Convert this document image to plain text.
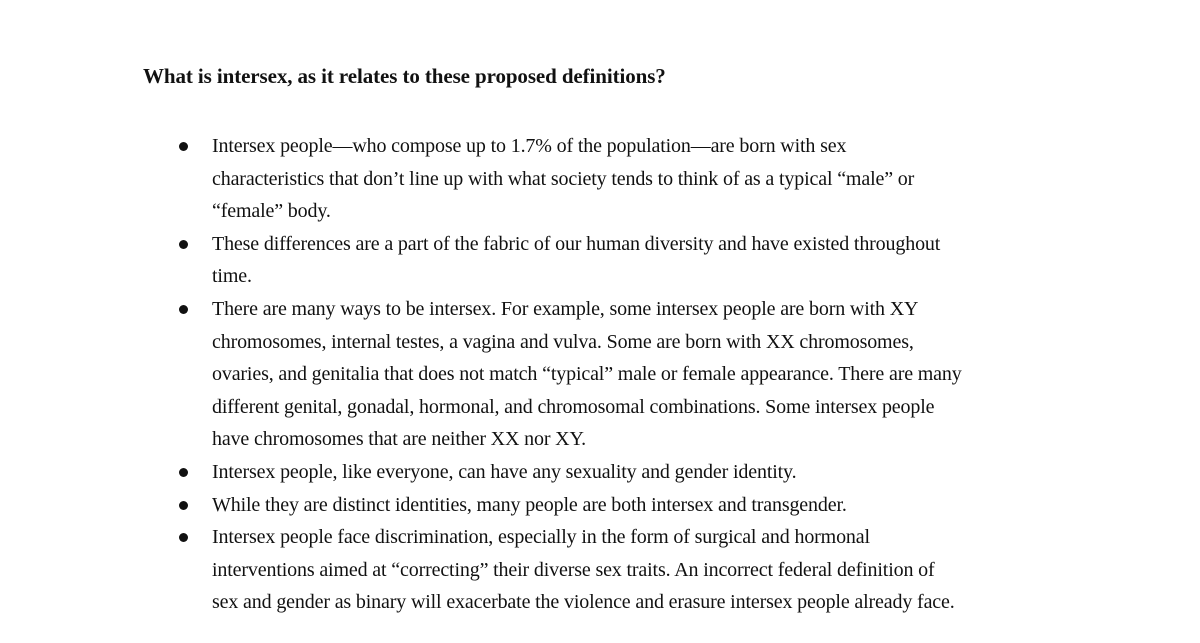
What is intersex, as it relates to these proposed definitions?
Intersex people—who compose up to 1.7% of the population—are born with sex
characteristics that don’t line up with what society tends to think of as a typical “male” or
“female” body.
These differences are a part of the fabric of our human diversity and have existed throughout
time.
There are many ways to be intersex. For example, some intersex people are born with XY
chromosomes, internal testes, a vagina and vulva. Some are born with XX chromosomes,
ovaries, and genitalia that does not match “typical” male or female appearance. There are many
different genital, gonadal, hormonal, and chromosomal combinations. Some intersex people
have chromosomes that are neither XX nor XY.
Intersex people, like everyone, can have any sexuality and gender identity.
While they are distinct identities, many people are both intersex and transgender.
Intersex people face discrimination, especially in the form of surgical and hormonal
interventions aimed at “correcting” their diverse sex traits. An incorrect federal definition of
sex and gender as binary will exacerbate the violence and erasure intersex people already face.
